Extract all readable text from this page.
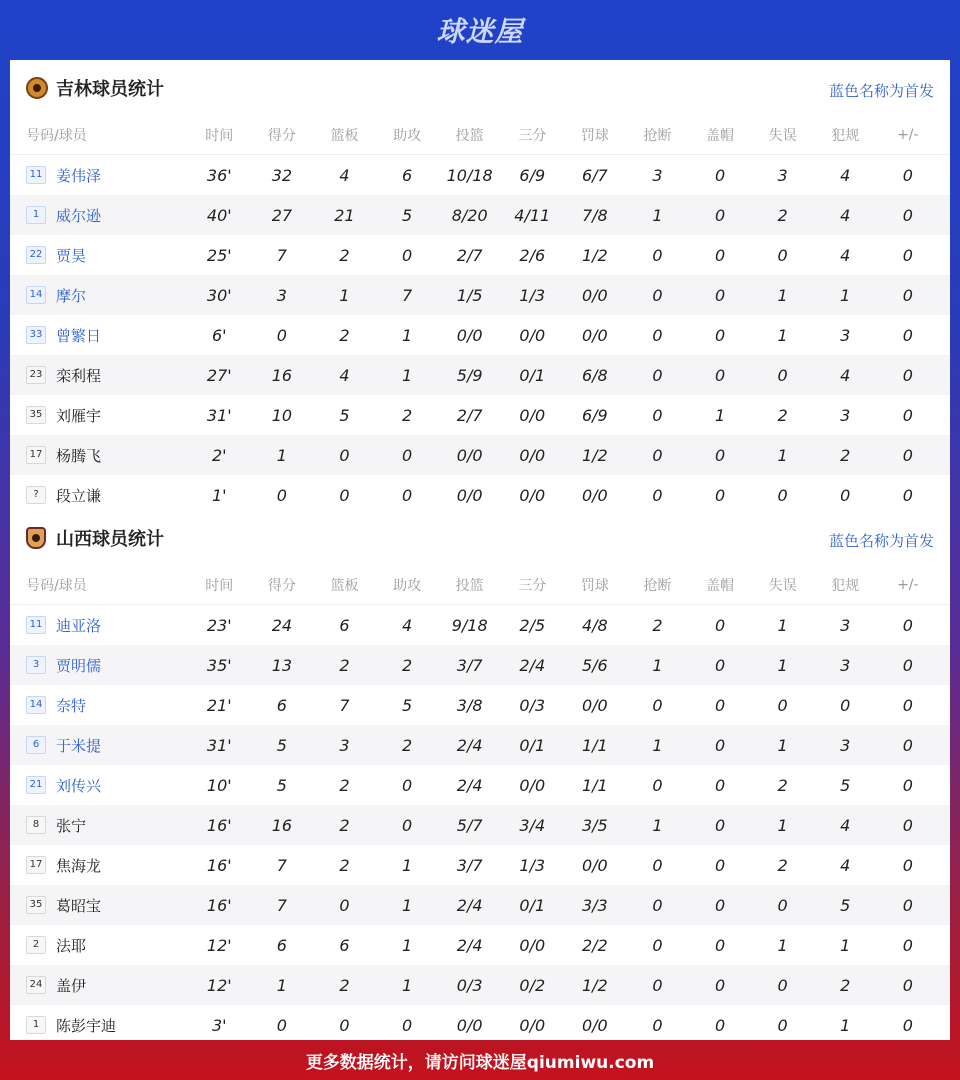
球迷屋
吉林球员统计	蓝色名称为首发
号码/球员	时间	得分	篮板	助攻	投篮	三分	罚球	抢断	盖帽	失误	犯规	+/-
11 姜伟泽	36'	32	4	6	10/18	6/9	6/7	3	0	3	4	0
1	威尔逊	40'	27	21	5	8/20	4/11	7/8	1	0	2	4	0
22 贾昊	25'	7	2	0	2/7	2/6	1/2	0	0	0	4	0
14 摩尔	30'	3	1	7	1/5	1/3	0/0	0	0	1	1	0
33 曾繁日	6'	0	2	1	0/0	0/0	0/0	0	0	1	3	0
23 栾利程	27'	16	4	1	5/9	0/1	6/8	0	0	0	4	0
35 刘雁宇	31'	10	5	2	2/7	0/0	6/9	0	1	2	3	0
17 杨腾飞	2'	1	0	0	0/0	0/0	1/2	0	0	1	2	0
?	段立谦	1'	0	0	0	0/0	0/0	0/0	0	0	0	0	0
山西球员统计	蓝色名称为首发
号码/球员	时间	得分	篮板	助攻	投篮	三分	罚球	抢断	盖帽	失误	犯规	+/-
11 迪亚洛	23'	24	6	4	9/18	2/5	4/8	2	0	1	3	0
3	贾明儒	35'	13	2	2	3/7	2/4	5/6	1	0	1	3	0
14 奈特	21'	6	7	5	3/8	0/3	0/0	0	0	0	0	0
6	于米提	31'	5	3	2	2/4	0/1	1/1	1	0	1	3	0
21 刘传兴	10'	5	2	0	2/4	0/0	1/1	0	0	2	5	0
8	张宁	16'	16	2	0	5/7	3/4	3/5	1	0	1	4	0
17 焦海龙	16'	7	2	1	3/7	1/3	0/0	0	0	2	4	0
35 葛昭宝	16'	7	0	1	2/4	0/1	3/3	0	0	0	5	0
2	法耶	12'	6	6	1	2/4	0/0	2/2	0	0	1	1	0
24 盖伊	12'	1	2	1	0/3	0/2	1/2	0	0	0	2	0
1	陈彭宇迪	3'	0	0	0	0/0	0/0	0/0	0	0	0	1	0
更多数据统计，请访问球迷屋qiumiwu.com
